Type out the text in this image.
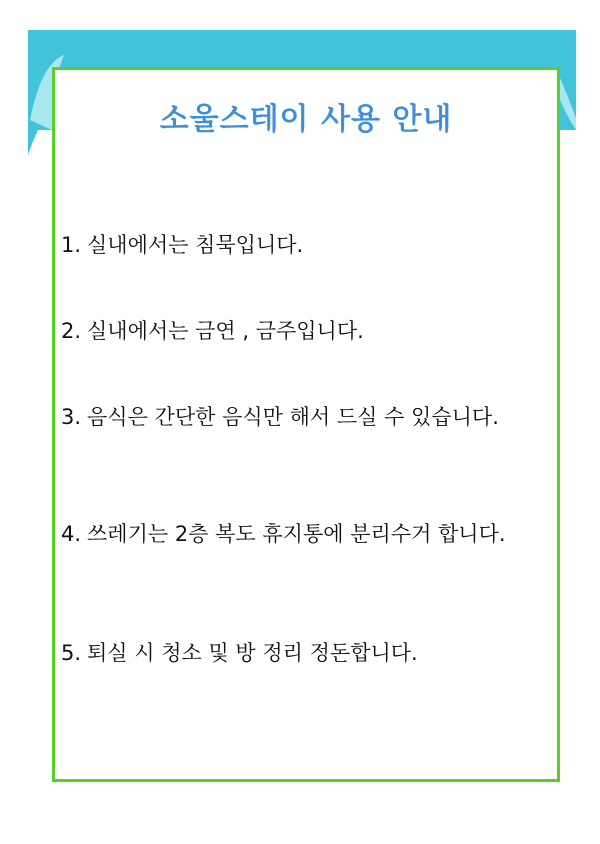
소울스테이 사용 안내
1. 실내에서는 침묵입니다.
2. 실내에서는 금연 , 금주입니다.
3. 음식은 간단한 음식만 해서 드실 수 있습니다.
4. 쓰레기는 2층 복도 휴지통에 분리수거 합니다.
5. 퇴실 시 청소 및 방 정리 정돈합니다.
